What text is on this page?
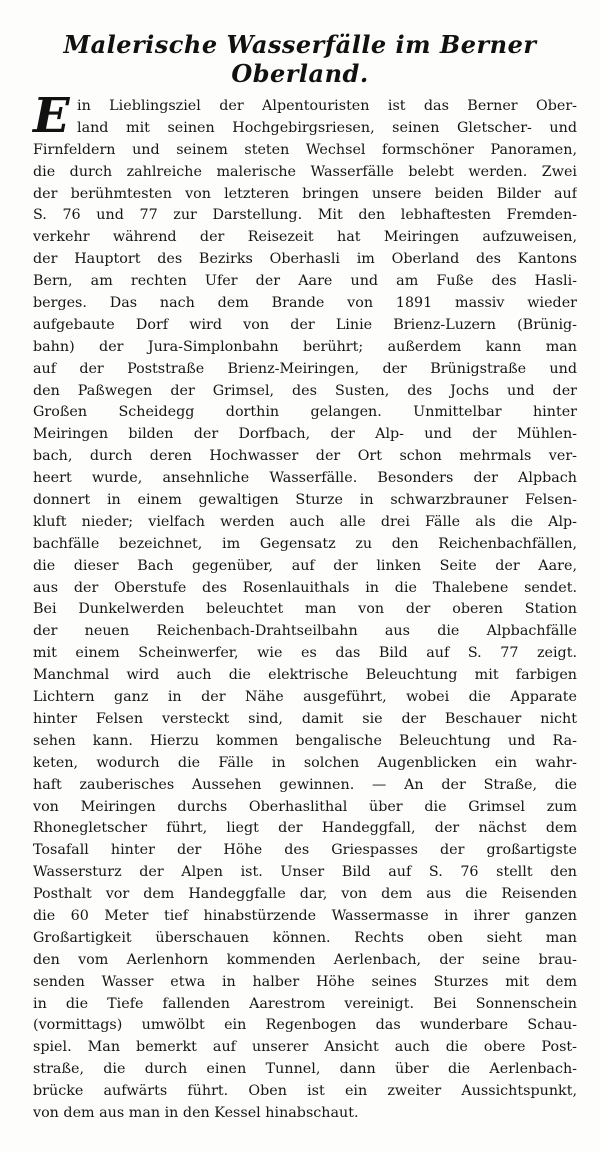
Malerische Wasserfälle im Berner Oberland.
E in Lieblingsziel der Alpentouristen ist das Berner Ober-
land mit seinen Hochgebirgsriesen, seinen Gletscher- und
Firnfeldern und seinem steten Wechsel formschöner Panoramen,
die durch zahlreiche malerische Wasserfälle belebt werden. Zwei
der berühmtesten von letzteren bringen unsere beiden Bilder auf
S. 76 und 77 zur Darstellung. Mit den lebhaftesten Fremden-
verkehr während der Reisezeit hat Meiringen aufzuweisen,
der Hauptort des Bezirks Oberhasli im Oberland des Kantons
Bern, am rechten Ufer der Aare und am Fuße des Hasli-
berges. Das nach dem Brande von 1891 massiv wieder
aufgebaute Dorf wird von der Linie Brienz-Luzern (Brünig-
bahn) der Jura-Simplonbahn berührt; außerdem kann man
auf der Poststraße Brienz-Meiringen, der Brünigstraße und
den Paßwegen der Grimsel, des Susten, des Jochs und der
Großen Scheidegg dorthin gelangen. Unmittelbar hinter
Meiringen bilden der Dorfbach, der Alp- und der Mühlen-
bach, durch deren Hochwasser der Ort schon mehrmals ver-
heert wurde, ansehnliche Wasserfälle. Besonders der Alpbach
donnert in einem gewaltigen Sturze in schwarzbrauner Felsen-
kluft nieder; vielfach werden auch alle drei Fälle als die Alp-
bachfälle bezeichnet, im Gegensatz zu den Reichenbachfällen,
die dieser Bach gegenüber, auf der linken Seite der Aare,
aus der Oberstufe des Rosenlauithals in die Thalebene sendet.
Bei Dunkelwerden beleuchtet man von der oberen Station
der neuen Reichenbach-Drahtseilbahn aus die Alpbachfälle
mit einem Scheinwerfer, wie es das Bild auf S. 77 zeigt.
Manchmal wird auch die elektrische Beleuchtung mit farbigen
Lichtern ganz in der Nähe ausgeführt, wobei die Apparate
hinter Felsen versteckt sind, damit sie der Beschauer nicht
sehen kann. Hierzu kommen bengalische Beleuchtung und Ra-
keten, wodurch die Fälle in solchen Augenblicken ein wahr-
haft zauberisches Aussehen gewinnen. — An der Straße, die
von Meiringen durchs Oberhaslithal über die Grimsel zum
Rhonegletscher führt, liegt der Handeggfall, der nächst dem
Tosafall hinter der Höhe des Griespasses der großartigste
Wassersturz der Alpen ist. Unser Bild auf S. 76 stellt den
Posthalt vor dem Handeggfalle dar, von dem aus die Reisenden
die 60 Meter tief hinabstürzende Wassermasse in ihrer ganzen
Großartigkeit überschauen können. Rechts oben sieht man
den vom Aerlenhorn kommenden Aerlenbach, der seine brau-
senden Wasser etwa in halber Höhe seines Sturzes mit dem
in die Tiefe fallenden Aarestrom vereinigt. Bei Sonnenschein
(vormittags) umwölbt ein Regenbogen das wunderbare Schau-
spiel. Man bemerkt auf unserer Ansicht auch die obere Post-
straße, die durch einen Tunnel, dann über die Aerlenbach-
brücke aufwärts führt. Oben ist ein zweiter Aussichtspunkt,
von dem aus man in den Kessel hinabschaut.
